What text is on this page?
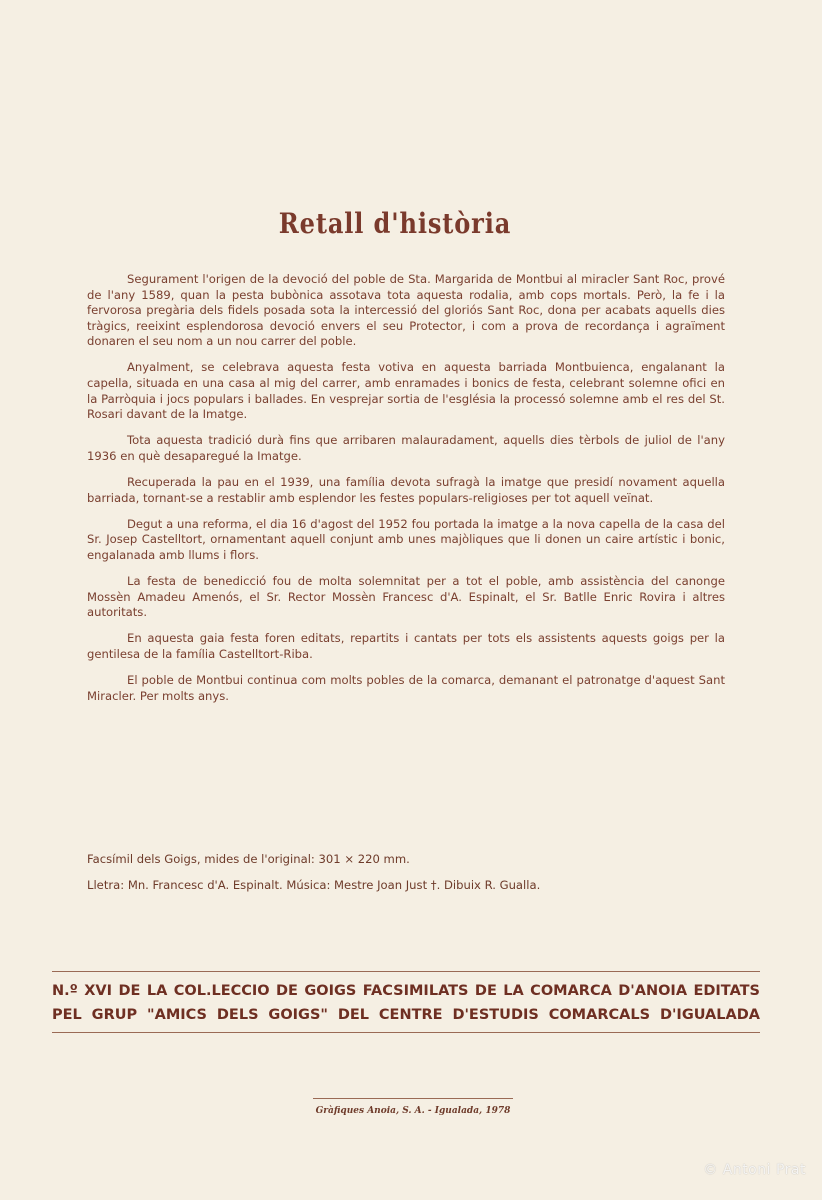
Retall d'història

Segurament l'origen de la devoció del poble de Sta. Margarida de Montbui al miracler Sant Roc, prové de l'any 1589, quan la pesta bubònica assotava tota aquesta rodalia, amb cops mortals. Però, la fe i la fervorosa pregària dels fidels posada sota la intercessió del gloriós Sant Roc, dona per acabats aquells dies tràgics, reeixint esplendorosa devoció envers el seu Protector, i com a prova de recordança i agraïment donaren el seu nom a un nou carrer del poble.

Anyalment, se celebrava aquesta festa votiva en aquesta barriada Montbuienca, engalanant la capella, situada en una casa al mig del carrer, amb enramades i bonics de festa, celebrant solemne ofici en la Parròquia i jocs populars i ballades. En vesprejar sortia de l'església la processó solemne amb el res del St. Rosari davant de la Imatge.

Tota aquesta tradició durà fins que arribaren malauradament, aquells dies tèrbols de juliol de l'any 1936 en què desaparegué la Imatge.

Recuperada la pau en el 1939, una família devota sufragà la imatge que presidí novament aquella barriada, tornant-se a restablir amb esplendor les festes populars-religioses per tot aquell veïnat.

Degut a una reforma, el dia 16 d'agost del 1952 fou portada la imatge a la nova capella de la casa del Sr. Josep Castelltort, ornamentant aquell conjunt amb unes majòliques que li donen un caire artístic i bonic, engalanada amb llums i flors.

La festa de benedicció fou de molta solemnitat per a tot el poble, amb assistència del canonge Mossèn Amadeu Amenós, el Sr. Rector Mossèn Francesc d'A. Espinalt, el Sr. Batlle Enric Rovira i altres autoritats.

En aquesta gaia festa foren editats, repartits i cantats per tots els assistents aquests goigs per la gentilesa de la família Castelltort-Riba.

El poble de Montbui continua com molts pobles de la comarca, demanant el patronatge d'aquest Sant Miracler. Per molts anys.

Facsímil dels Goigs, mides de l'original: 301 × 220 mm.

Lletra: Mn. Francesc d'A. Espinalt. Música: Mestre Joan Just †. Dibuix R. Gualla.

N.º XVI DE LA COL.LECCIO DE GOIGS FACSIMILATS DE LA COMARCA D'ANOIA EDITATS
PEL GRUP "AMICS DELS GOIGS" DEL CENTRE D'ESTUDIS COMARCALS D'IGUALADA
Gràfiques Anoia, S. A. - Igualada, 1978
© Antoni Prat
